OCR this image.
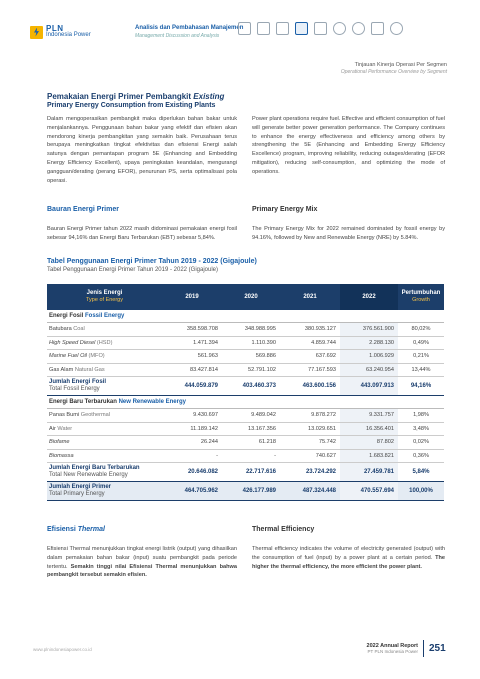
PLN
Indonesia Power
Analisis dan Pembahasan Manajemen
Management Discussion and Analysis
Tinjauan Kinerja Operasi Per Segmen
Operational Performance Overview by Segment
Pemakaian Energi Primer Pembangkit Existing
Primary Energy Consumption from Existing Plants
Dalam mengoperasikan pembangkit maka diperlukan bahan bakar untuk menjalankannya. Penggunaan bahan bakar yang efektif dan efisien akan mendorong kinerja pembangkitan yang semakin baik. Perusahaan terus berupaya meningkatkan tingkat efektivitas dan efisiensi Energi salah satunya dengan pemantapan program 5E (Enhancing and Embedding Energy Efficiency Excellent), upaya peningkatan keandalan, mengurangi gangguan/derating (perang EFOR), penurunan PS, serta optimalisasi pola operasi.
Power plant operations require fuel. Effective and efficient consumption of fuel will generate better power generation performance. The Company continues to enhance the energy effectiveness and efficiency among others by strengthening the 5E (Enhancing and Embedding Energy Efficiency Excellence) program, improving reliability, reducing outages/derating (EFOR mitigation), reducing self-consumption, and optimizing the mode of operations.
Bauran Energi Primer	Primary Energy Mix
Bauran Energi Primer tahun 2022 masih didominasi pemakaian energi fosil sebesar 94,16% dan Energi Baru Terbarukan (EBT) sebesar 5,84%.
The Primary Energy Mix for 2022 remained dominated by fossil energy by 94.16%, followed by New and Renewable Energy (NRE) by 5.84%.
Tabel Penggunaan Energi Primer Tahun 2019 - 2022 (Gigajoule)
Tabel Penggunaan Energi Primer Tahun 2019 - 2022 (Gigajoule)
Jenis Energi
Type of Energy
2019	2020	2021	2022
Pertumbuhan
Growth
Energi Fosil Fossil Energy
Batubara Coal	358.598.708	348.988.995	380.935.127	376.561.900	80,02%
High Speed Diesel (HSD)	1.471.394	1.110.390	4.859.744	2.288.130	0,49%
Marine Fuel Oil (MFO)	561.963	569.886	637.692	1.006.929	0,21%
Gas Alam Natural Gas	83.427.814	52.791.102	77.167.593	63.240.954	13,44%
Jumlah Energi Fosil
Total Fossil Energy	444.059.879	403.460.373	463.600.156	443.097.913	94,16%
Energi Baru Terbarukan New Renewable Energy
Panas Bumi Geothermal	9.430.697	9.489.042	9.878.272	9.331.757	1,98%
Air Water	11.189.142	13.167.356	13.029.651	16.356.401	3,48%
Biofame	26.244	61.218	75.742	87.802	0,02%
Biomassa	-	-	740.627	1.683.821	0,36%
Jumlah Energi Baru Terbarukan
Total New Renewable Energy	20.646.082	22.717.616	23.724.292	27.459.781	5,84%
Jumlah Energi Primer
Total Primary Energy	464.705.962	426.177.989	487.324.448	470.557.694	100,00%
Efisiensi Thermal	Thermal Efficiency
Efisiensi Thermal menunjukkan tingkat energi listrik (output) yang dihasilkan dalam pemakaian bahan bakar (input) suatu pembangkit pada periode tertentu. Semakin tinggi nilai Efisiensi Thermal menunjukkan bahwa pembangkit tersebut semakin efisien.
Thermal efficiency indicates the volume of electricity generated (output) with the consumption of fuel (input) by a power plant at a certain period. The higher the thermal efficiency, the more efficient the power plant.
www.plnindonesiapower.co.id
2022 Annual Report
PT PLN Indonesia Power 251
